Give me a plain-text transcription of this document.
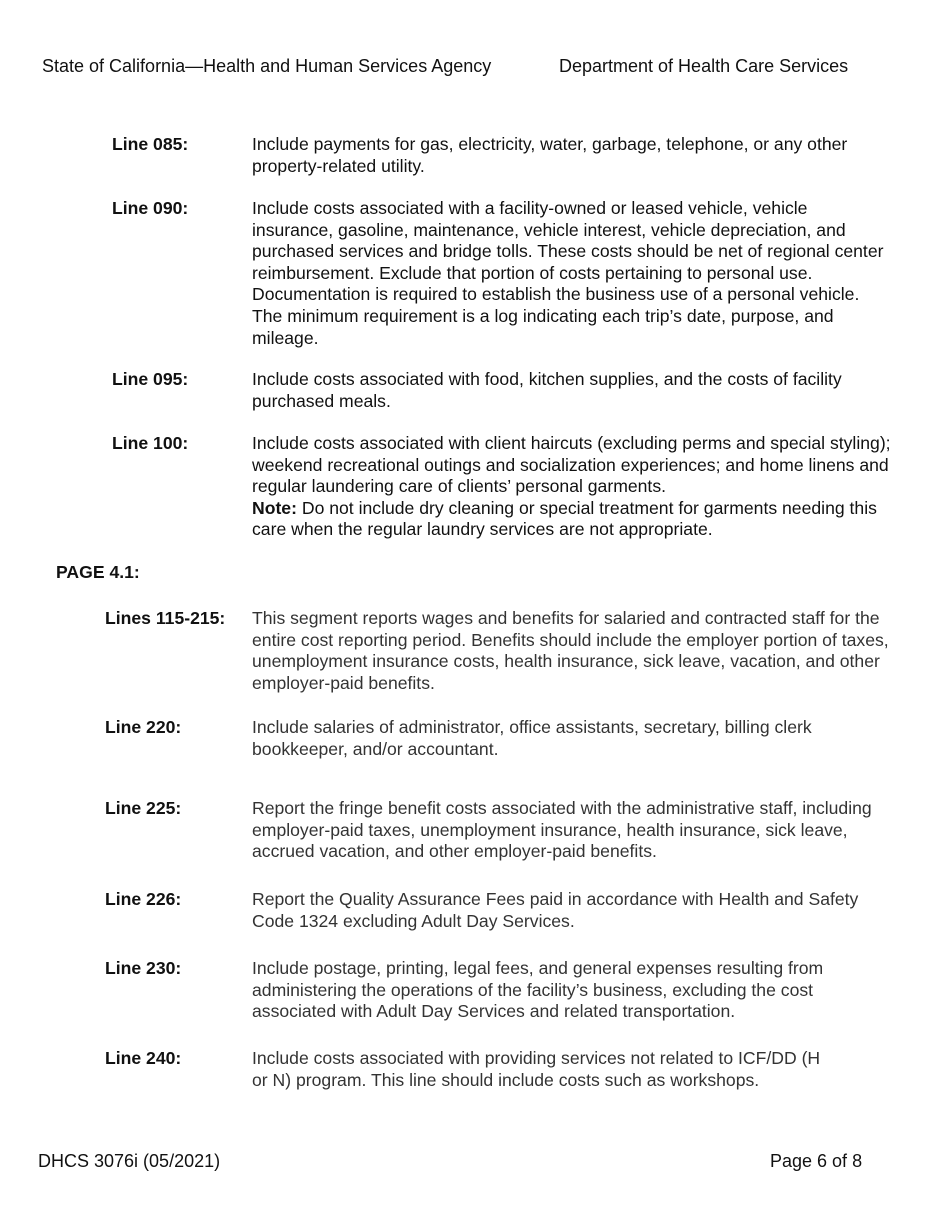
State of California—Health and Human Services Agency	Department of Health Care Services
Line 085:	Include payments for gas, electricity, water, garbage, telephone, or any other property-related utility.
Line 090:	Include costs associated with a facility-owned or leased vehicle, vehicle insurance, gasoline, maintenance, vehicle interest, vehicle depreciation, and purchased services and bridge tolls. These costs should be net of regional center reimbursement. Exclude that portion of costs pertaining to personal use. Documentation is required to establish the business use of a personal vehicle. The minimum requirement is a log indicating each trip’s date, purpose, and mileage.
Line 095:	Include costs associated with food, kitchen supplies, and the costs of facility purchased meals.
Line 100:	Include costs associated with client haircuts (excluding perms and special styling); weekend recreational outings and socialization experiences; and home linens and regular laundering care of clients’ personal garments.
Note: Do not include dry cleaning or special treatment for garments needing this care when the regular laundry services are not appropriate.
PAGE 4.1:
Lines 115-215: This segment reports wages and benefits for salaried and contracted staff for the entire cost reporting period. Benefits should include the employer portion of taxes, unemployment insurance costs, health insurance, sick leave, vacation, and other employer-paid benefits.
Line 220:	Include salaries of administrator, office assistants, secretary, billing clerk bookkeeper, and/or accountant.
Line 225:	Report the fringe benefit costs associated with the administrative staff, including employer-paid taxes, unemployment insurance, health insurance, sick leave, accrued vacation, and other employer-paid benefits.
Line 226:	Report the Quality Assurance Fees paid in accordance with Health and Safety Code 1324 excluding Adult Day Services.
Line 230:	Include postage, printing, legal fees, and general expenses resulting from administering the operations of the facility’s business, excluding the cost associated with Adult Day Services and related transportation.
Line 240:	Include costs associated with providing services not related to ICF/DD (H or N) program. This line should include costs such as workshops.
DHCS 3076i (05/2021)	Page 6 of 8
